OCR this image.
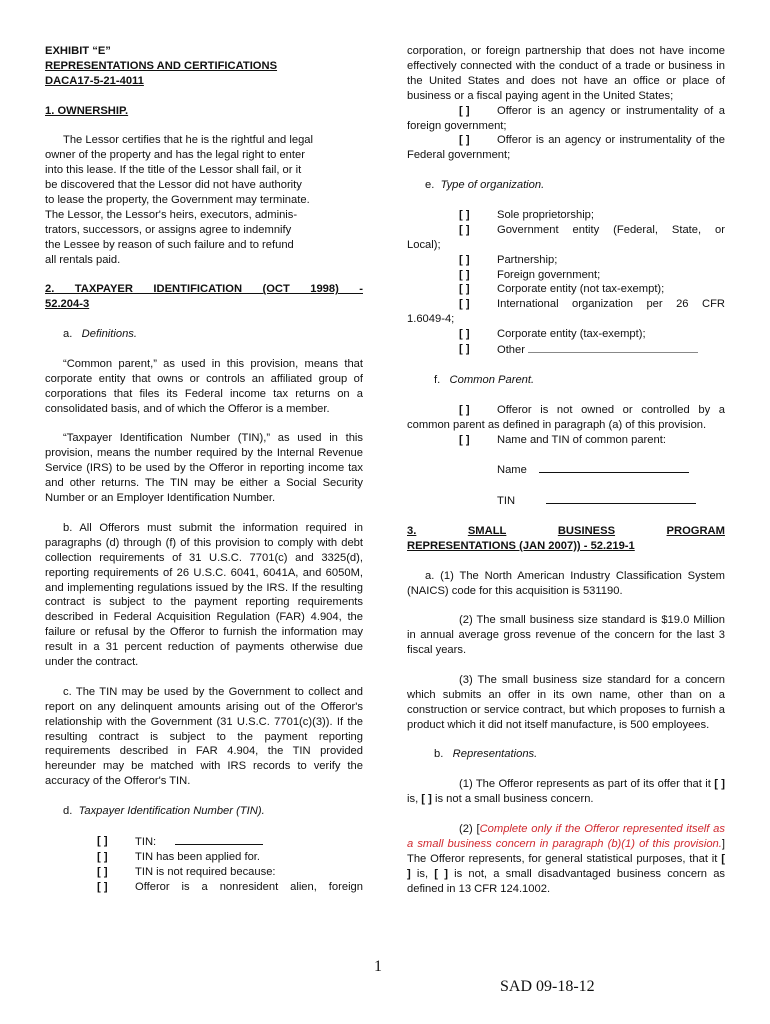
EXHIBIT “E”

REPRESENTATIONS AND CERTIFICATIONS

DACA17-5-21-4011

1. OWNERSHIP.

The Lessor certifies that he is the rightful and legal

owner of the property and has the legal right to enter

into this lease. If the title of the Lessor shall fail, or it

be discovered that the Lessor did not have authority

to lease the property, the Government may terminate.

The Lessor, the Lessor's heirs, executors, adminis-

trators, successors, or assigns agree to indemnify

the Lessee by reason of such failure and to refund

all rentals paid.

2. TAXPAYER IDENTIFICATION (OCT 1998) -

52.204-3

a. Definitions.

“Common parent,” as used in this provision, means that corporate entity that owns or controls an affiliated group of corporations that files its Federal income tax returns on a consolidated basis, and of which the Offeror is a member.

“Taxpayer Identification Number (TIN),” as used in this provision, means the number required by the Internal Revenue Service (IRS) to be used by the Offeror in reporting income tax and other returns. The TIN may be either a Social Security Number or an Employer Identification Number.

b. All Offerors must submit the information required in paragraphs (d) through (f) of this provision to comply with debt collection requirements of 31 U.S.C. 7701(c) and 3325(d), reporting requirements of 26 U.S.C. 6041, 6041A, and 6050M, and implementing regulations issued by the IRS. If the resulting contract is subject to the payment reporting requirements described in Federal Acquisition Regulation (FAR) 4.904, the failure or refusal by the Offeror to furnish the information may result in a 31 percent reduction of payments otherwise due under the contract.

c. The TIN may be used by the Government to collect and report on any delinquent amounts arising out of the Offeror's relationship with the Government (31 U.S.C. 7701(c)(3)). If the resulting contract is subject to the payment reporting requirements described in FAR 4.904, the TIN provided hereunder may be matched with IRS records to verify the accuracy of the Offeror's TIN.

d. Taxpayer Identification Number (TIN).

[ ]	TIN:
[ ]	TIN has been applied for.
[ ]	TIN is not required because:
[ ]	Offeror is a nonresident alien, foreign

corporation, or foreign partnership that does not have income effectively connected with the conduct of a trade or business in the United States and does not have an office or place of business or a fiscal paying agent in the United States;

[ ] Offeror is an agency or instrumentality of a foreign government;

[ ] Offeror is an agency or instrumentality of the Federal government;

e. Type of organization.

[ ]	Sole proprietorship;
[ ]	Government entity (Federal, State, or

Local);

[ ]	Partnership;
[ ]	Foreign government;
[ ]	Corporate entity (not tax-exempt);
[ ]	International organization per 26 CFR

1.6049-4;

[ ]	Corporate entity (tax-exempt);
[ ]	Other

f. Common Parent.

[ ] Offeror is not owned or controlled by a common parent as defined in paragraph (a) of this provision.

[ ]	Name and TIN of common parent:

Name

TIN

3.	SMALL	BUSINESS	PROGRAM

REPRESENTATIONS (JAN 2007)) - 52.219-1

a. (1) The North American Industry Classification System (NAICS) code for this acquisition is 531190.

(2) The small business size standard is $19.0 Million in annual average gross revenue of the concern for the last 3 fiscal years.

(3) The small business size standard for a concern which submits an offer in its own name, other than on a construction or service contract, but which proposes to furnish a product which it did not itself manufacture, is 500 employees.

b. Representations.

(1) The Offeror represents as part of its offer that it [ ] is, [ ] is not a small business concern.

(2) [Complete only if the Offeror represented itself as a small business concern in paragraph (b)(1) of this provision.] The Offeror represents, for general statistical purposes, that it [ ] is, [ ] is not, a small disadvantaged business concern as defined in 13 CFR 124.1002.

1
SAD 09-18-12
